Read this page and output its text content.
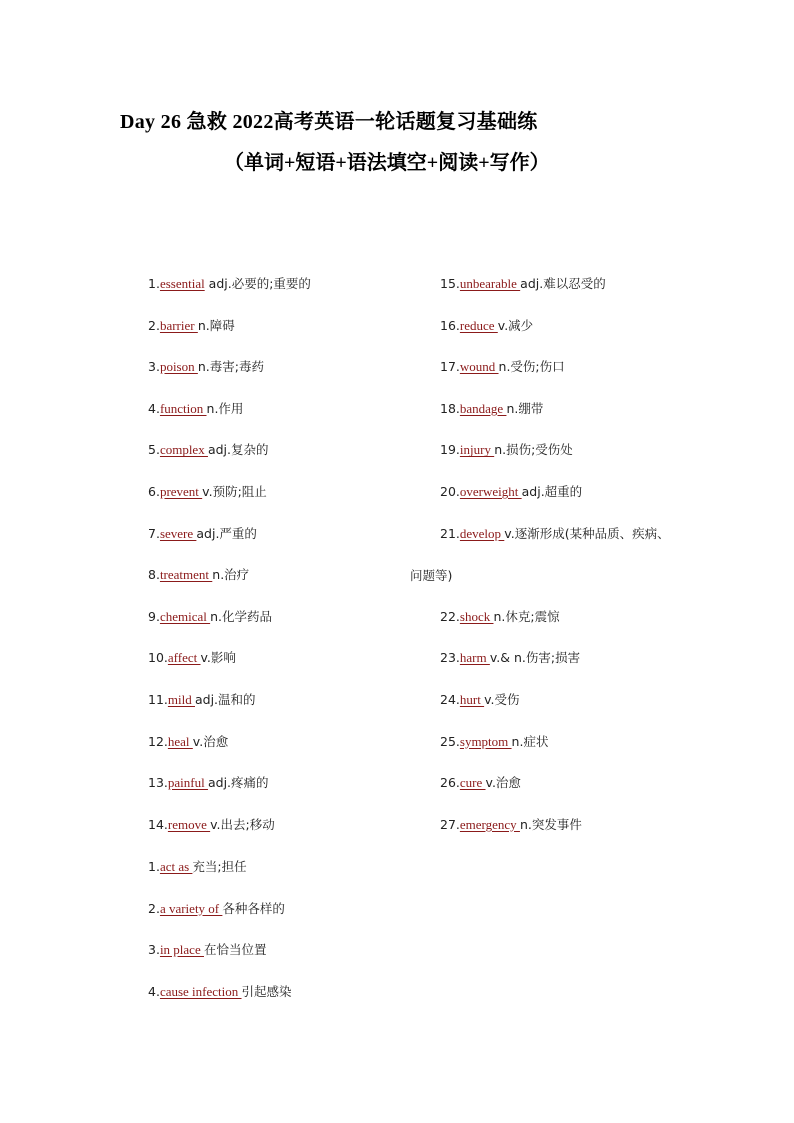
Day 26 急救 2022高考英语一轮话题复习基础练
（单词+短语+语法填空+阅读+写作）
1.essential adj.必要的;重要的
2.barrier n.障碍
3.poison n.毒害;毒药
4.function n.作用
5.complex adj.复杂的
6.prevent v.预防;阻止
7.severe adj.严重的
8.treatment n.治疗
9.chemical n.化学药品
10.affect v.影响
11.mild adj.温和的
12.heal v.治愈
13.painful adj.疼痛的
14.remove v.出去;移动
15.unbearable adj.难以忍受的
16.reduce v.减少
17.wound n.受伤;伤口
18.bandage n.绷带
19.injury n.损伤;受伤处
20.overweight adj.超重的
21.develop v.逐渐形成(某种品质、疾病、
22.shock n.休克;震惊
23.harm v.& n.伤害;损害
24.hurt v.受伤
25.symptom n.症状
26.cure v.治愈
27.emergency n.突发事件
问题等)
1.act as 充当;担任
2.a variety of 各种各样的
3.in place 在恰当位置
4.cause infection 引起感染
